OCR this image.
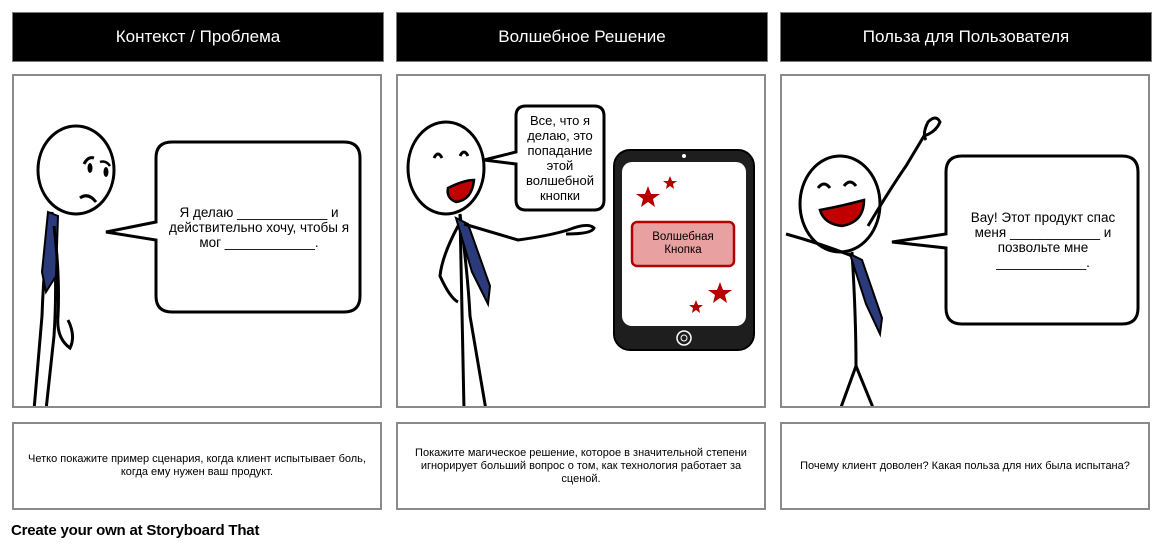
Контекст / Проблема
Я делаю ____________ и действительно хочу, чтобы я мог ____________.
Четко покажите пример сценария, когда клиент испытывает боль, когда ему нужен ваш продукт.
Волшебное Решение
Все, что я делаю, это попадание этой волшебной кнопки
Волшебная Кнопка
Покажите магическое решение, которое в значительной степени игнорирует больший вопрос о том, как технология работает за сценой.
Польза для Пользователя
Вау! Этот продукт спас меня ____________ и позвольте мне ____________.
Почему клиент доволен? Какая польза для них была испытана?
Create your own at Storyboard That
